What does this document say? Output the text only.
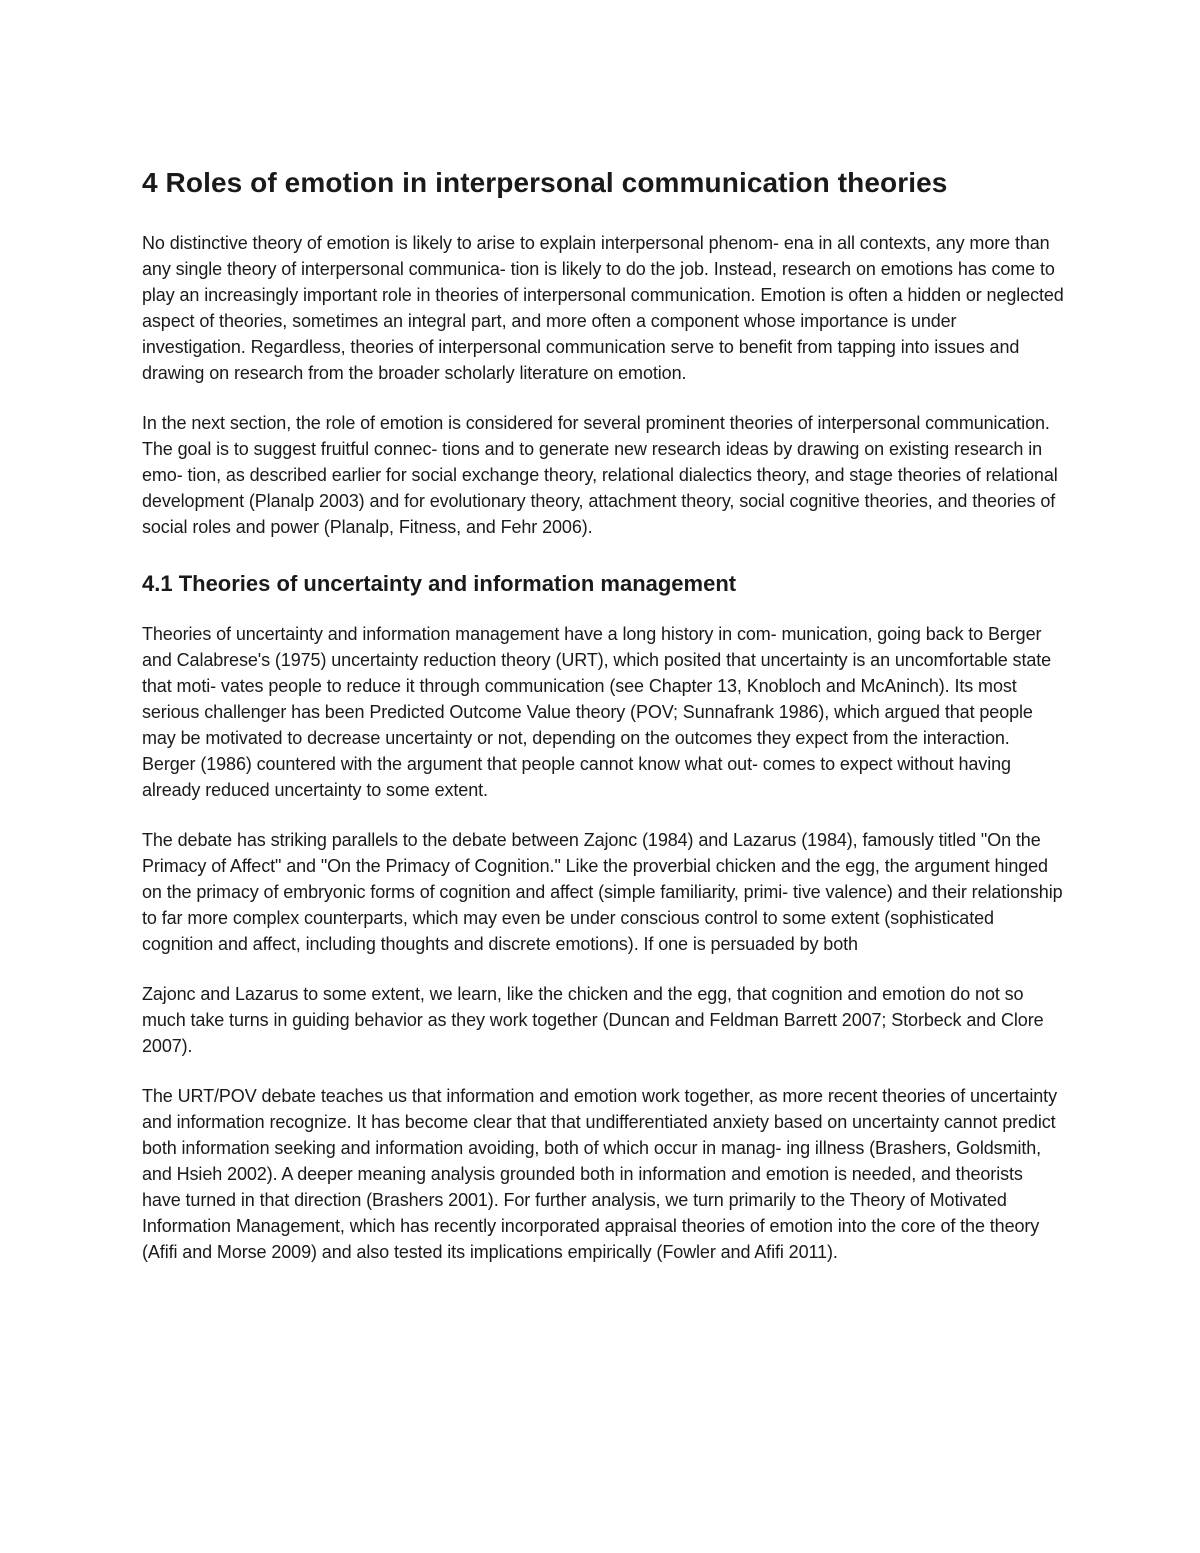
4 Roles of emotion in interpersonal communication theories

No distinctive theory of emotion is likely to arise to explain interpersonal phenom- ena in all contexts, any more than any single theory of interpersonal communica- tion is likely to do the job. Instead, research on emotions has come to play an increasingly important role in theories of interpersonal communication. Emotion is often a hidden or neglected aspect of theories, sometimes an integral part, and more often a component whose importance is under investigation. Regardless, theories of interpersonal communication serve to benefit from tapping into issues and drawing on research from the broader scholarly literature on emotion.

In the next section, the role of emotion is considered for several prominent theories of interpersonal communication. The goal is to suggest fruitful connec- tions and to generate new research ideas by drawing on existing research in emo- tion, as described earlier for social exchange theory, relational dialectics theory, and stage theories of relational development (Planalp 2003) and for evolutionary theory, attachment theory, social cognitive theories, and theories of social roles and power (Planalp, Fitness, and Fehr 2006).

4.1 Theories of uncertainty and information management

Theories of uncertainty and information management have a long history in com- munication, going back to Berger and Calabrese's (1975) uncertainty reduction theory (URT), which posited that uncertainty is an uncomfortable state that moti- vates people to reduce it through communication (see Chapter 13, Knobloch and McAninch). Its most serious challenger has been Predicted Outcome Value theory (POV; Sunnafrank 1986), which argued that people may be motivated to decrease uncertainty or not, depending on the outcomes they expect from the interaction. Berger (1986) countered with the argument that people cannot know what out- comes to expect without having already reduced uncertainty to some extent.

The debate has striking parallels to the debate between Zajonc (1984) and Lazarus (1984), famously titled "On the Primacy of Affect" and "On the Primacy of Cognition." Like the proverbial chicken and the egg, the argument hinged on the primacy of embryonic forms of cognition and affect (simple familiarity, primi- tive valence) and their relationship to far more complex counterparts, which may even be under conscious control to some extent (sophisticated cognition and affect, including thoughts and discrete emotions). If one is persuaded by both

Zajonc and Lazarus to some extent, we learn, like the chicken and the egg, that cognition and emotion do not so much take turns in guiding behavior as they work together (Duncan and Feldman Barrett 2007; Storbeck and Clore 2007).

The URT/POV debate teaches us that information and emotion work together, as more recent theories of uncertainty and information recognize. It has become clear that that undifferentiated anxiety based on uncertainty cannot predict both information seeking and information avoiding, both of which occur in manag- ing illness (Brashers, Goldsmith, and Hsieh 2002). A deeper meaning analysis grounded both in information and emotion is needed, and theorists have turned in that direction (Brashers 2001). For further analysis, we turn primarily to the Theory of Motivated Information Management, which has recently incorporated appraisal theories of emotion into the core of the theory (Afifi and Morse 2009) and also tested its implications empirically (Fowler and Afifi 2011).
